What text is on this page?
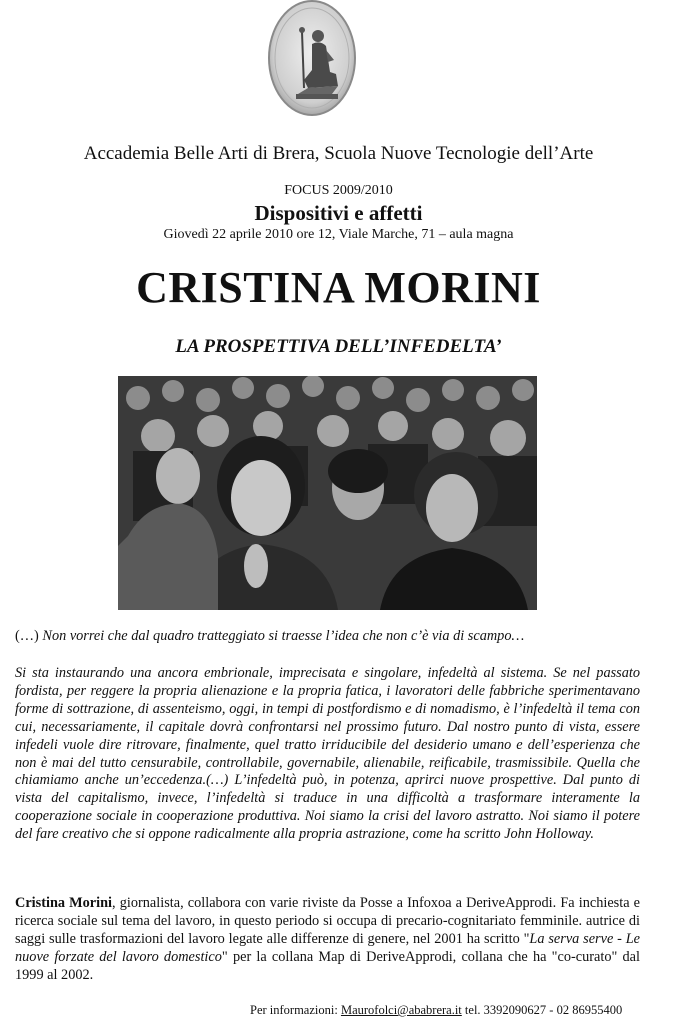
Accademia Belle Arti di Brera, Scuola Nuove Tecnologie dell’Arte
FOCUS 2009/2010
Dispositivi e affetti
Giovedì 22 aprile 2010 ore 12, Viale Marche, 71 – aula magna
CRISTINA MORINI
LA PROSPETTIVA DELL’INFEDELTA’
(…) Non vorrei che dal quadro tratteggiato si traesse l’idea che non c’è via di scampo…
Si sta instaurando una ancora embrionale, imprecisata e singolare, infedeltà al sistema. Se nel passato fordista, per reggere la propria alienazione e la propria fatica, i lavoratori delle fabbriche sperimentavano forme di sottrazione, di assenteismo, oggi, in tempi di postfordismo e di nomadismo, è l’infedeltà il tema con cui, necessariamente, il capitale dovrà confrontarsi nel prossimo futuro. Dal nostro punto di vista, essere infedeli vuole dire ritrovare, finalmente, quel tratto irriducibile del desiderio umano e dell’esperienza che non è mai del tutto censurabile, controllabile, governabile, alienabile, reificabile, trasmissibile. Quella che chiamiamo anche un’eccedenza.(…) L’infedeltà può, in potenza, aprirci nuove prospettive. Dal punto di vista del capitalismo, invece, l’infedeltà si traduce in una difficoltà a trasformare interamente la cooperazione sociale in cooperazione produttiva. Noi siamo la crisi del lavoro astratto. Noi siamo il potere del fare creativo che si oppone radicalmente alla propria astrazione, come ha scritto John Holloway.
Cristina Morini, giornalista, collabora con varie riviste da Posse a Infoxoa a DeriveApprodi. Fa inchiesta e ricerca sociale sul tema del lavoro, in questo periodo si occupa di precario-cognitariato femminile. autrice di saggi sulle trasformazioni del lavoro legate alle differenze di genere, nel 2001 ha scritto "La serva serve - Le nuove forzate del lavoro domestico" per la collana Map di DeriveApprodi, collana che ha "co-curato" dal 1999 al 2002.
Per informazioni: Maurofolci@ababrera.it tel. 3392090627 - 02 86955400
